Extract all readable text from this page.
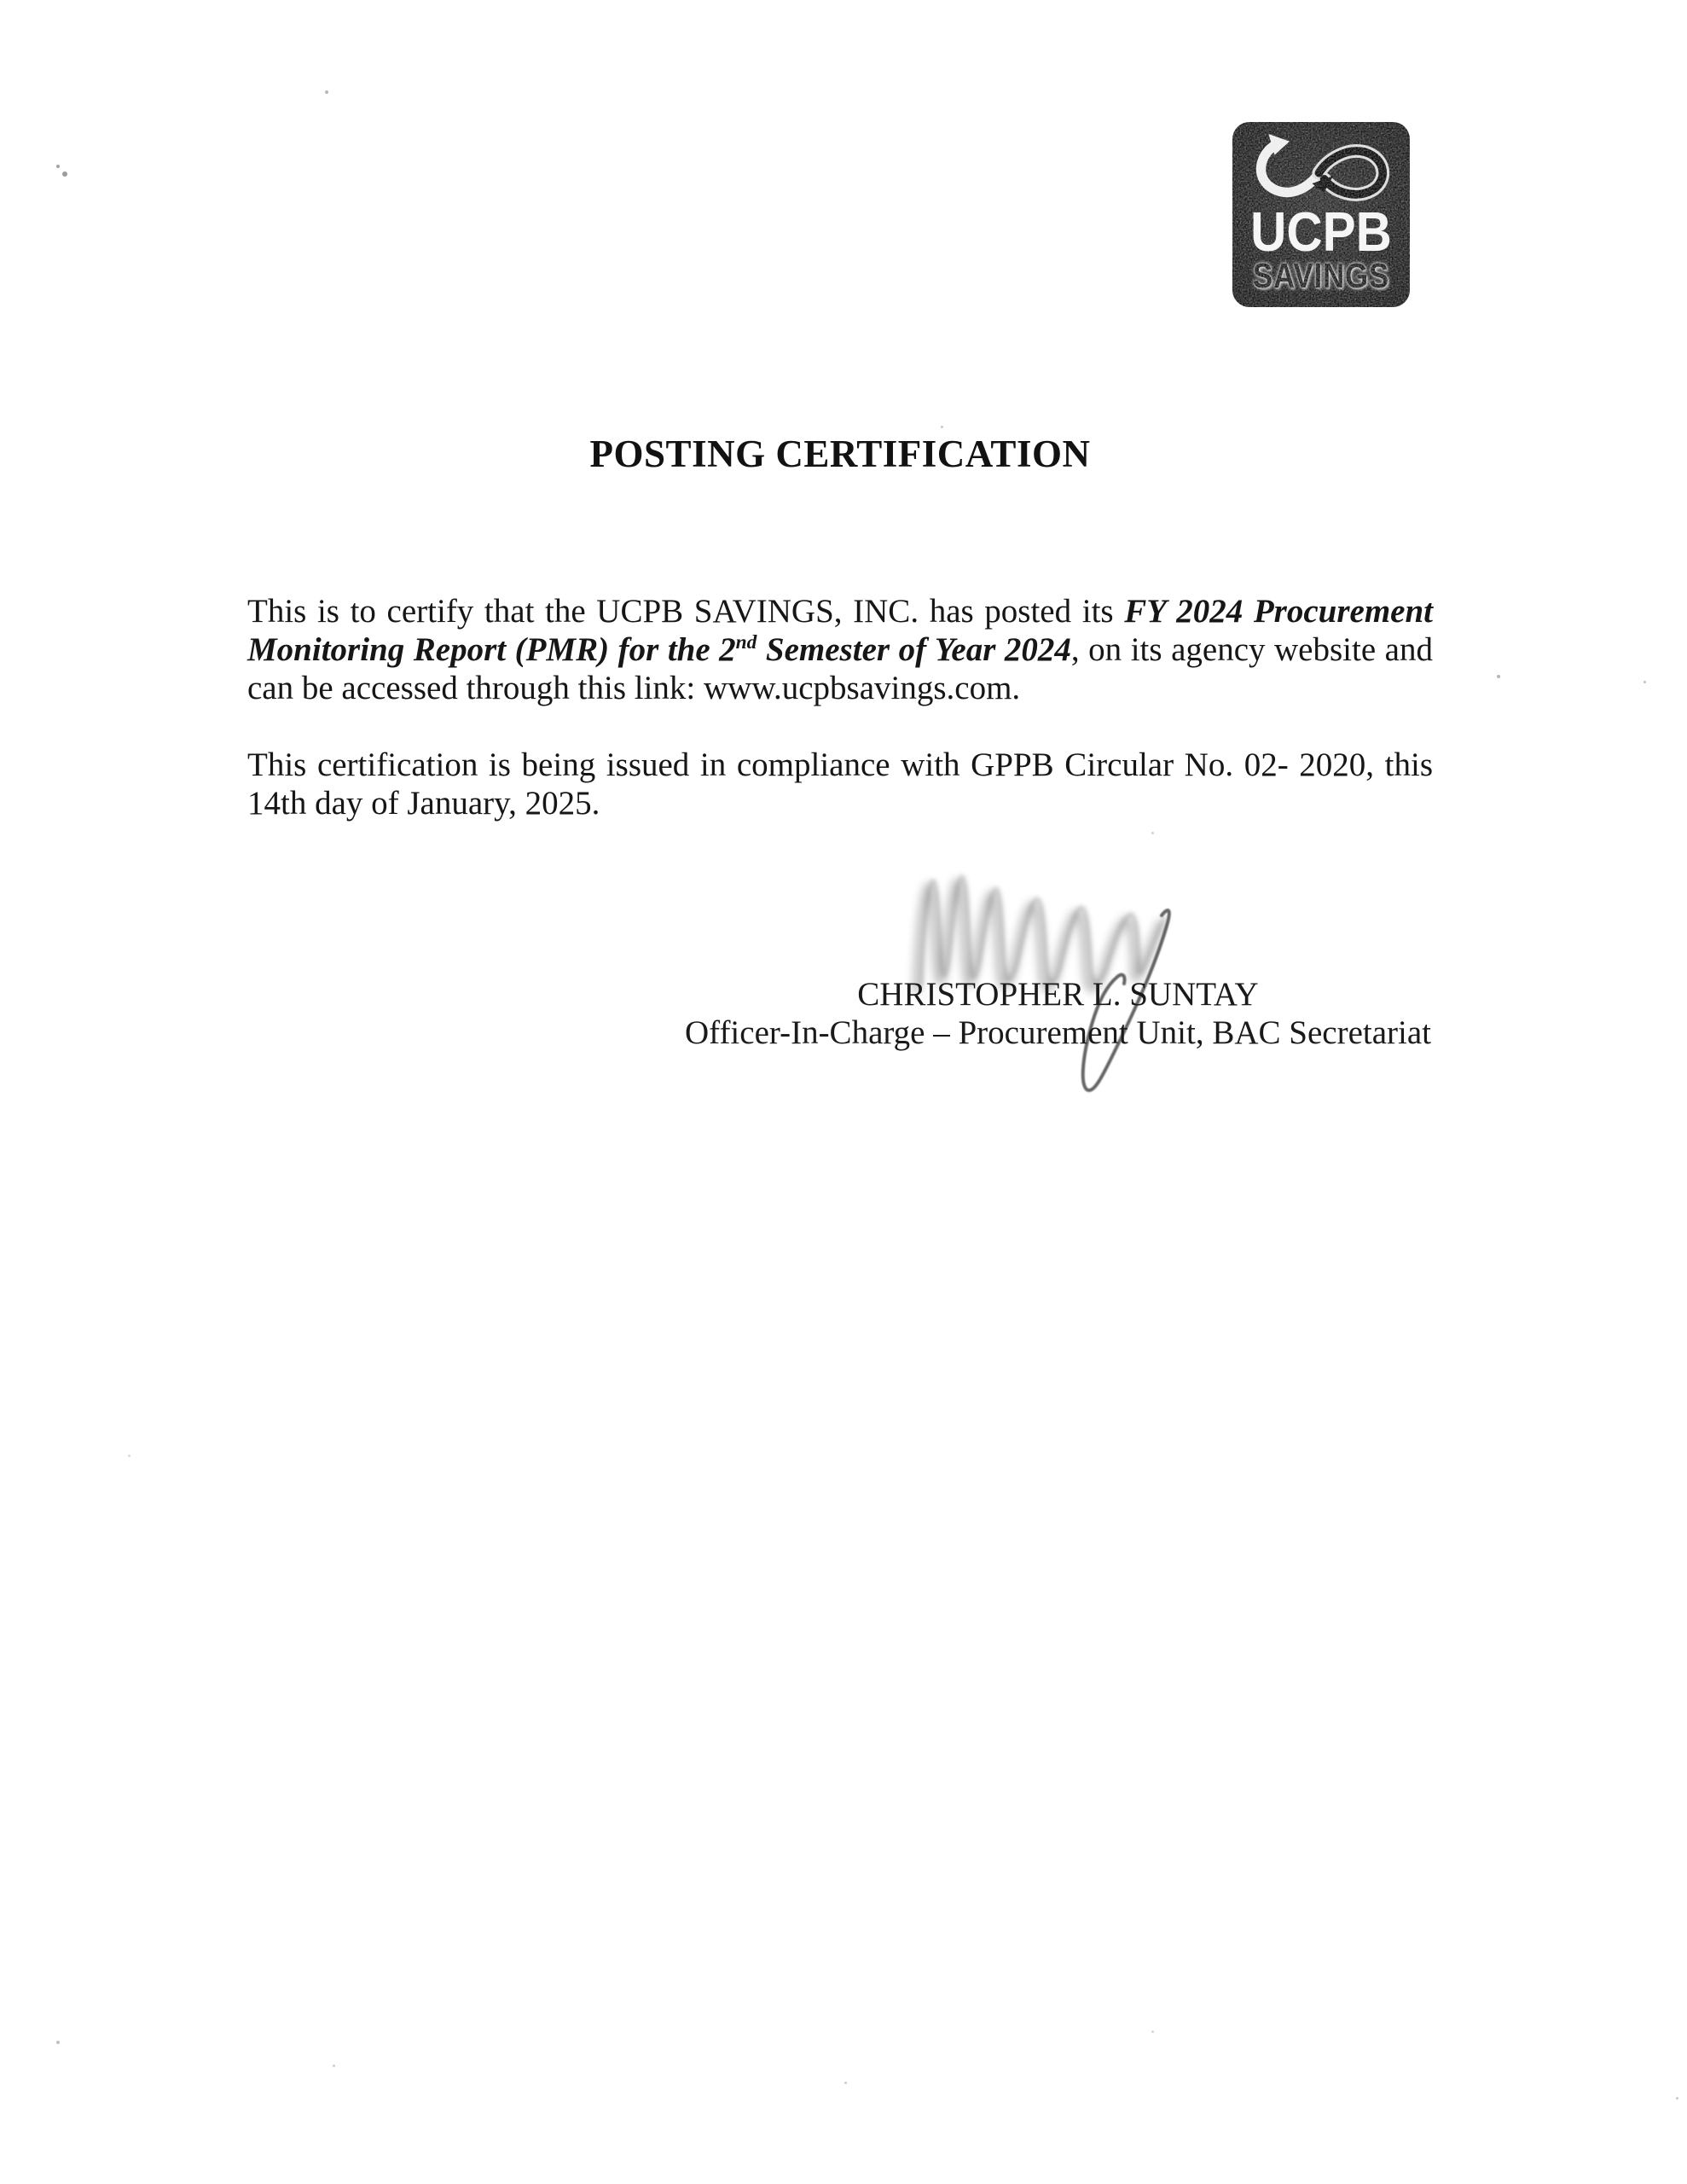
POSTING CERTIFICATION

This is to certify that the UCPB SAVINGS, INC. has posted its FY 2024 Procurement Monitoring Report (PMR) for the 2nd Semester of Year 2024, on its agency website and can be accessed through this link: www.ucpbsavings.com.

This certification is being issued in compliance with GPPB Circular No. 02- 2020, this 14th day of January, 2025.

CHRISTOPHER L. SUNTAY
Officer-In-Charge – Procurement Unit, BAC Secretariat
